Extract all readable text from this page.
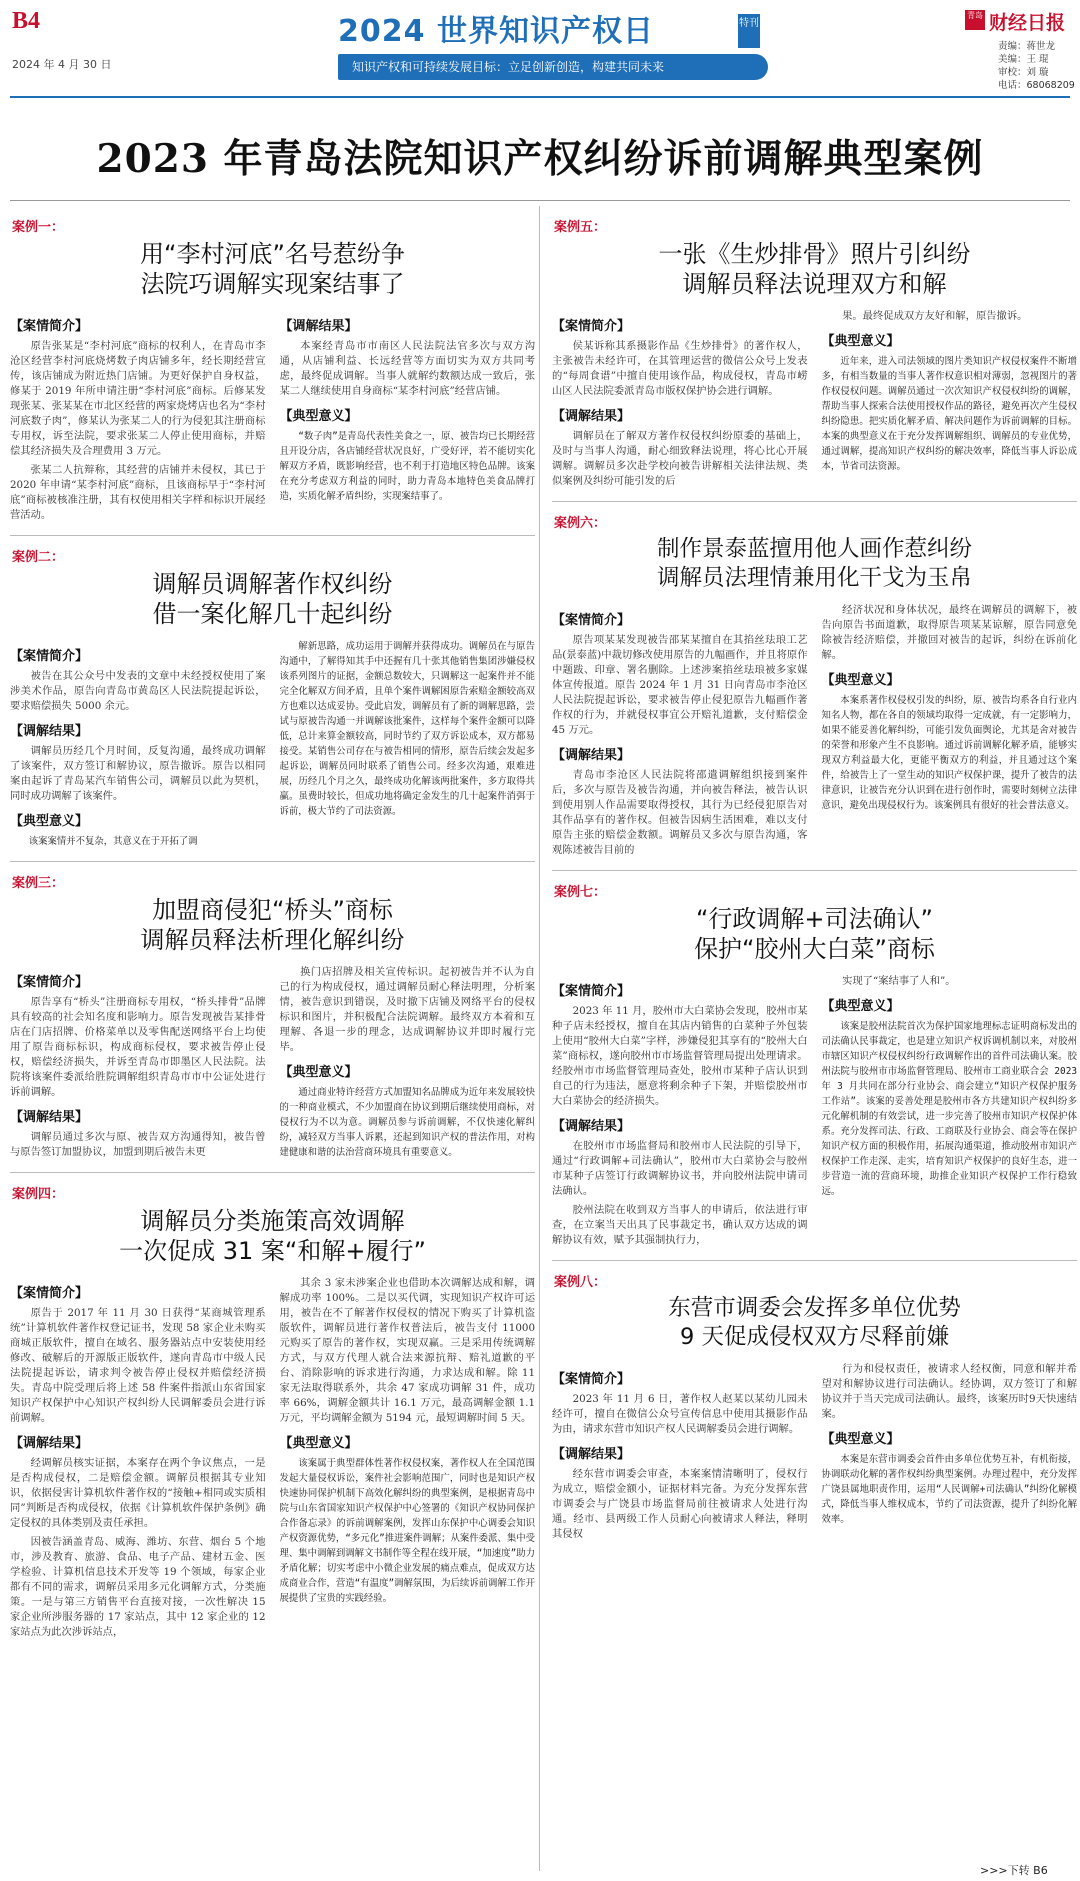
B4
2024 年 4 月 30 日
2024 世界知识产权日	特刊
知识产权和可持续发展目标：立足创新创造，构建共同未来
青岛 财经日报
责编：蒋世龙
美编：王 琨
审校：刘 璇
电话：68068209
2023 年青岛法院知识产权纠纷诉前调解典型案例
案例一：
用“李村河底”名号惹纷争
法院巧调解实现案结事了
【案情简介】
原告张某是“李村河底”商标的权利人，在青岛市李沧区经营李村河底烧烤数子肉店铺多年，经长期经营宣传，该店铺成为附近热门店铺。为更好保护自身权益，修某于 2019 年所申请注册“李村河底”商标。后修某发现张某、张某某在市北区经营的两家烧烤店也名为“李村河底数子肉”，修某认为张某二人的行为侵犯其注册商标专用权，诉至法院，要求张某二人停止使用商标，并赔偿其经济损失及合理费用 3 万元。
张某二人抗辩称，其经营的店铺并未侵权，其已于 2020 年申请“某李村河底”商标，且该商标早于“李村河底”商标被核准注册，其有权使用相关字样和标识开展经营活动。
【调解结果】
本案经青岛市市南区人民法院法官多次与双方沟通，从店铺利益、长远经营等方面切实为双方共同考虑，最终促成调解。当事人就解约数额达成一致后，张某二人继续使用自身商标“某李村河底”经营店铺。
【典型意义】
“数子肉”是青岛代表性美食之一，原、被告均已长期经营且开设分店，各店铺经营状况良好，广受好评，若不能切实化解双方矛盾，既影响经营，也不利于打造地区特色品牌。该案在充分考虑双方利益的同时，助力青岛本地特色美食品牌打造，实质化解矛盾纠纷，实现案结事了。
案例二：
调解员调解著作权纠纷
借一案化解几十起纠纷
【案情简介】
被告在其公众号中发表的文章中未经授权使用了案涉美术作品，原告向青岛市黄岛区人民法院提起诉讼，要求赔偿损失 5000 余元。
【调解结果】
调解员历经几个月时间，反复沟通，最终成功调解了该案件，双方签订和解协议，原告撤诉。原告以相同案由起诉了青岛某汽车销售公司，调解员以此为契机，同时成功调解了该案件。
【典型意义】
该案案情并不复杂，其意义在于开拓了调
解新思路，成功运用于调解并获得成功。调解员在与原告沟通中，了解得知其手中还握有几十张其他销售集团涉嫌侵权该系列图片的证据，金额总数较大，只调解这一起案件并不能完全化解双方间矛盾，且单个案件调解困原告索赔金额较高双方也难以达成妥协。受此启发，调解员有了新的调解思路，尝试与原被告沟通一并调解该批案件，这样每个案件金额可以降低，总计来算金额较高，同时节约了双方诉讼成本，双方都易接受。某销售公司存在与被告相同的情形，原告后续会发起多起诉讼，调解员同时联系了销售公司。经多次沟通，艰难进展，历经几个月之久，最终成功化解该两批案件，多方取得共赢。虽费时较长，但成功地将确定金发生的几十起案件消弭于诉前，极大节约了司法资源。
案例三：
加盟商侵犯“桥头”商标
调解员释法析理化解纠纷
【案情简介】
原告享有“桥头”注册商标专用权，“桥头排骨”品牌具有较高的社会知名度和影响力。原告发现被告某排骨店在门店招牌、价格菜单以及零售配送网络平台上均使用了原告商标标识，构成商标侵权，要求被告停止侵权，赔偿经济损失，并诉至青岛市即墨区人民法院。法院将该案件委派给胜院调解组织青岛市市中公证处进行诉前调解。
【调解结果】
调解员通过多次与原、被告双方沟通得知，被告曾与原告签订加盟协议，加盟到期后被告未更
换门店招牌及相关宣传标识。起初被告并不认为自己的行为构成侵权，通过调解员耐心释法明理，分析案情，被告意识到错误，及时撤下店铺及网络平台的侵权标识和图片，并积极配合法院调解。最终双方本着和互理解、各退一步的理念，达成调解协议并即时履行完毕。
【典型意义】
通过商业特许经营方式加盟知名品牌成为近年来发展较快的一种商业模式，不少加盟商在协议到期后继续使用商标，对侵权行为不以为意。调解员参与诉前调解，不仅快速化解纠纷，减轻双方当事人诉累，还起到知识产权的普法作用，对构建健康和谐的法治营商环境具有重要意义。
案例四：
调解员分类施策高效调解
一次促成 31 案“和解+履行”
【案情简介】
原告于 2017 年 11 月 30 日获得“某商城管理系统”计算机软件著作权登记证书，发现 58 家企业未购买商城正版软件，擅自在域名、服务器站点中安装使用经修改、破解后的开源版正版软件，遂向青岛市中级人民法院提起诉讼，请求判令被告停止侵权并赔偿经济损失。青岛中院受理后将上述 58 件案件指派山东省国家知识产权保护中心知识产权纠纷人民调解委员会进行诉前调解。
【调解结果】
经调解员核实证据，本案存在两个争议焦点，一是是否构成侵权，二是赔偿金额。调解员根据其专业知识，依据侵害计算机软件著作权的“接触+相同或实质相同”判断是否构成侵权，依据《计算机软件保护条例》确定侵权的具体类别及责任承担。
因被告涵盖青岛、威海、潍坊、东营、烟台 5 个地市，涉及教育、旅游、食品、电子产品、建材五金、医学检验、计算机信息技术开发等 19 个领域，每家企业都有不同的需求，调解员采用多元化调解方式，分类施策。一是与第三方销售平台直接对接，一次性解决 15 家企业所涉服务器的 17 家站点，其中 12 家企业的 12 家站点为此次涉诉站点，
其余 3 家未涉案企业也借助本次调解达成和解，调解成功率 100%。二是以买代调，实现知识产权许可运用，被告在不了解著作权侵权的情况下购买了计算机盗版软件，调解员进行著作权普法后，被告支付 11000 元购买了原告的著作权，实现双赢。三是采用传统调解方式，与双方代理人就合法来源抗辩、赔礼道歉的平台、消除影响的诉求进行沟通，力求达成和解。除 11 家无法取得联系外，共余 47 家成功调解 31 件，成功率 66%，调解金额共计 16.1 万元，最高调解金额 1.1 万元，平均调解金额为 5194 元，最短调解时间 5 天。
【典型意义】
该案属于典型群体性著作权侵权案，著作权人在全国范围发起大量侵权诉讼，案件社会影响范围广，同时也是知识产权快速协同保护机制下高效化解纠纷的典型案例，是根据青岛中院与山东省国家知识产权保护中心签署的《知识产权协同保护合作备忘录》的诉前调解案例，发挥山东保护中心调委会知识产权资源优势，“多元化”推进案件调解；从案件委派、集中受理、集中调解到调解文书制作等全程在线开展，“加速度”助力矛盾化解；切实考虑中小微企业发展的痛点难点，促成双方达成商业合作，营造“有温度”调解氛围，为后续诉前调解工作开展提供了宝贵的实践经验。
案例五：
一张《生炒排骨》照片引纠纷
调解员释法说理双方和解
【案情简介】
侯某诉称其系摄影作品《生炒排骨》的著作权人，主张被告未经许可，在其管理运营的微信公众号上发表的“每周食谱”中擅自使用该作品，构成侵权，青岛市崂山区人民法院委派青岛市版权保护协会进行调解。
【调解结果】
调解员在了解双方著作权侵权纠纷原委的基础上，及时与当事人沟通，耐心细致释法说理，将心比心开展调解。调解员多次赴学校向被告讲解相关法律法规、类似案例及纠纷可能引发的后
果。最终促成双方友好和解，原告撤诉。
【典型意义】
近年来，进入司法领域的图片类知识产权侵权案件不断增多，有相当数量的当事人著作权意识相对薄弱，忽视图片的著作权侵权问题。调解员通过一次次知识产权侵权纠纷的调解，帮助当事人探索合法使用授权作品的路径，避免再次产生侵权纠纷隐患。把实质化解矛盾、解决问题作为诉前调解的目标。本案的典型意义在于充分发挥调解组织、调解员的专业优势，通过调解，提高知识产权纠纷的解决效率，降低当事人诉讼成本，节省司法资源。
案例六：
制作景泰蓝擅用他人画作惹纠纷
调解员法理情兼用化干戈为玉帛
【案情简介】
原告项某某发现被告邵某某擅自在其掐丝珐琅工艺品(景泰蓝)中裁切修改使用原告的九幅画作，并且将原作中题跋、印章、署名删除。上述涉案掐丝珐琅被多家媒体宣传报道。原告 2024 年 1 月 31 日向青岛市李沧区人民法院提起诉讼，要求被告停止侵犯原告九幅画作著作权的行为，并就侵权事宜公开赔礼道歉，支付赔偿金 45 万元。
【调解结果】
青岛市李沧区人民法院将邵遣调解组织接到案件后，多次与原告及被告沟通，并向被告释法，被告认识到使用别人作品需要取得授权，其行为已经侵犯原告对其作品享有的著作权。但被告因病生活困难，难以支付原告主张的赔偿金数额。调解员又多次与原告沟通，客观陈述被告目前的
经济状况和身体状况，最终在调解员的调解下，被告向原告书面道歉，取得原告项某某谅解，原告同意免除被告经济赔偿，并撤回对被告的起诉，纠纷在诉前化解。
【典型意义】
本案系著作权侵权引发的纠纷，原、被告均系各自行业内知名人物，都在各自的领域均取得一定成就，有一定影响力，如果不能妥善化解纠纷，可能引发负面舆论，尤其是舍对被告的荣誉和形象产生不良影响。通过诉前调解化解矛盾，能够实现双方利益最大化，更能平衡双方的利益，并且通过这个案件，给被告上了一堂生动的知识产权保护课，提升了被告的法律意识，让被告充分认识到在进行创作时，需要时刻树立法律意识，避免出现侵权行为。该案例具有很好的社会普法意义。
案例七：
“行政调解+司法确认”
保护“胶州大白菜”商标
【案情简介】
2023 年 11 月，胶州市大白菜协会发现，胶州市某种子店未经授权，擅自在其店内销售的白菜种子外包装上使用“胶州大白菜”字样，涉嫌侵犯其享有的“胶州大白菜”商标权，遂向胶州市市场监督管理局提出处理请求。经胶州市市场监督管理局查处，胶州市某种子店认识到自己的行为违法，愿意将剩余种子下架，并赔偿胶州市大白菜协会的经济损失。
【调解结果】
在胶州市市场监督局和胶州市人民法院的引导下，通过“行政调解+司法确认”，胶州市大白菜协会与胶州市某种子店签订行政调解协议书，并向胶州法院申请司法确认。
胶州法院在收到双方当事人的申请后，依法进行审查，在立案当天出具了民事裁定书，确认双方达成的调解协议有效，赋予其强制执行力，
实现了“案结事了人和”。
【典型意义】
该案是胶州法院首次为保护国家地理标志证明商标发出的司法确认民事裁定，也是建立知识产权诉调机制以来，对胶州市辖区知识产权侵权纠纷行政调解作出的首件司法确认案。胶州法院与胶州市市场监督管理局、胶州市工商业联合会 2023 年 3 月共同在部分行业协会、商会建立“知识产权保护服务工作站”。该案的妥善处理是胶州市各方共建知识产权纠纷多元化解机制的有效尝试，进一步完善了胶州市知识产权保护体系。充分发挥司法、行政、工商联及行业协会、商会等在保护知识产权方面的积极作用，拓展沟通渠道，推动胶州市知识产权保护工作走深、走实，培育知识产权保护的良好生态，进一步营造一流的营商环境，助推企业知识产权保护工作行稳致远。
案例八：
东营市调委会发挥多单位优势
9 天促成侵权双方尽释前嫌
【案情简介】
2023 年 11 月 6 日，著作权人赵某以某幼儿园未经许可，擅自在微信公众号宣传信息中使用其摄影作品为由，请求东营市知识产权人民调解委员会进行调解。
【调解结果】
经东营市调委会审查，本案案情清晰明了，侵权行为成立，赔偿金额小，证据材料完备。为充分发挥东营市调委会与广饶县市场监督局前往被请求人处进行沟通。经市、县两级工作人员耐心向被请求人释法，释明其侵权
行为和侵权责任，被请求人经权衡，同意和解并希望对和解协议进行司法确认。经协调，双方签订了和解协议并于当天完成司法确认。最终，该案历时9天快速结案。
【典型意义】
本案是东营市调委会首件由多单位优势互补，有机衔接，协调联动化解的著作权纠纷典型案例。办理过程中，充分发挥广饶县属地职责作用，运用“人民调解+司法确认”纠纷化解模式，降低当事人维权成本，节约了司法资源，提升了纠纷化解效率。
>>>下转 B6
